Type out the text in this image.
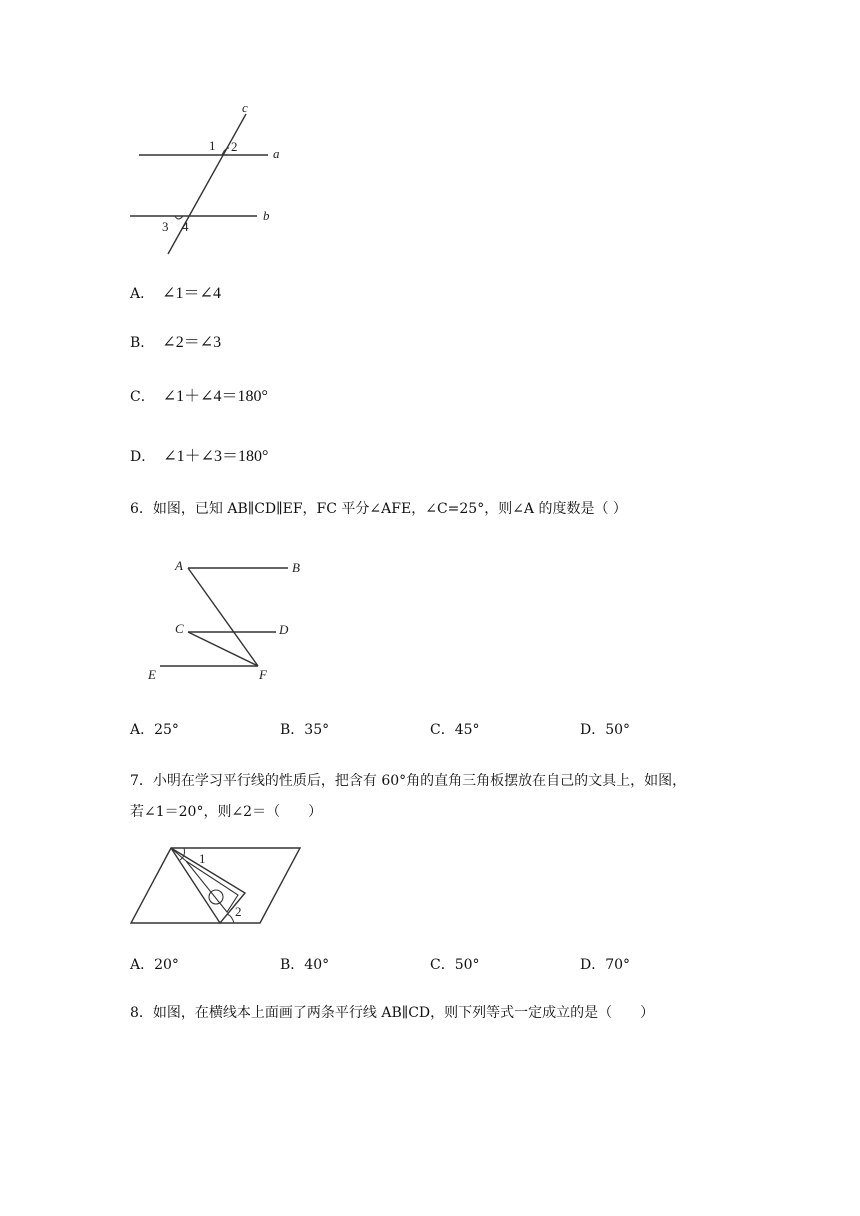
c
a
b
1 2
3 4
A． ∠1＝∠4
B． ∠2＝∠3
C． ∠1＋∠4＝180°
D． ∠1＋∠3＝180°
6．如图，已知 AB∥CD∥EF，FC 平分∠AFE，∠C=25°，则∠A 的度数是（ ）
A	B
C	D
E	F
A．25°	B．35°	C．45°	D．50°
7．小明在学习平行线的性质后，把含有 60°角的直角三角板摆放在自己的文具上，如图，
若∠1＝20°，则∠2＝（　　）
1
2
A．20°	B．40°	C．50°	D．70°
8．如图，在横线本上面画了两条平行线 AB∥CD，则下列等式一定成立的是（　　）
